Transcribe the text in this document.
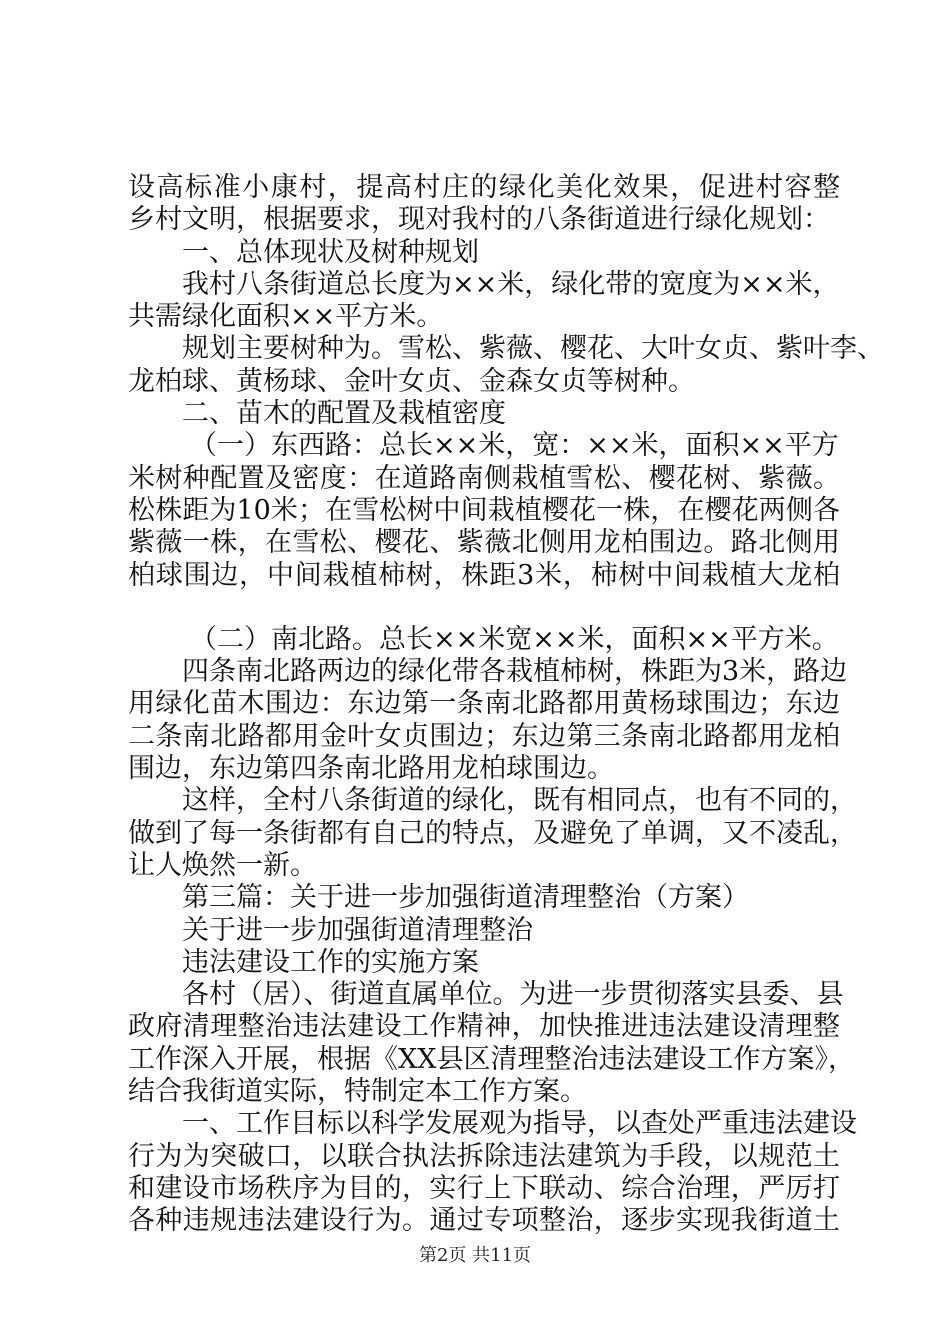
设高标准小康村，提高村庄的绿化美化效果，促进村容整
乡村文明，根据要求，现对我村的八条街道进行绿化规划：
一、总体现状及树种规划
我村八条街道总长度为××米，绿化带的宽度为××米，
共需绿化面积××平方米。
规划主要树种为。雪松、紫薇、樱花、大叶女贞、紫叶李、
龙柏球、黄杨球、金叶女贞、金森女贞等树种。
二、苗木的配置及栽植密度
（一）东西路：总长××米，宽：××米，面积××平方
米树种配置及密度：在道路南侧栽植雪松、樱花树、紫薇。
松株距为10米；在雪松树中间栽植樱花一株，在樱花两侧各
紫薇一株，在雪松、樱花、紫薇北侧用龙柏围边。路北侧用
柏球围边，中间栽植柿树，株距3米，柿树中间栽植大龙柏
（二）南北路。总长××米宽××米，面积××平方米。
四条南北路两边的绿化带各栽植柿树，株距为3米，路边
用绿化苗木围边：东边第一条南北路都用黄杨球围边；东边
二条南北路都用金叶女贞围边；东边第三条南北路都用龙柏
围边，东边第四条南北路用龙柏球围边。
这样，全村八条街道的绿化，既有相同点，也有不同的，
做到了每一条街都有自己的特点，及避免了单调，又不凌乱，
让人焕然一新。
第三篇：关于进一步加强街道清理整治（方案）
关于进一步加强街道清理整治
违法建设工作的实施方案
各村（居）、街道直属单位。为进一步贯彻落实县委、县
政府清理整治违法建设工作精神，加快推进违法建设清理整
工作深入开展，根据《XX县区清理整治违法建设工作方案》，
结合我街道实际，特制定本工作方案。
一、工作目标以科学发展观为指导，以查处严重违法建设
行为为突破口，以联合执法拆除违法建筑为手段，以规范土
和建设市场秩序为目的，实行上下联动、综合治理，严厉打
各种违规违法建设行为。通过专项整治，逐步实现我街道土
第2页 共11页
